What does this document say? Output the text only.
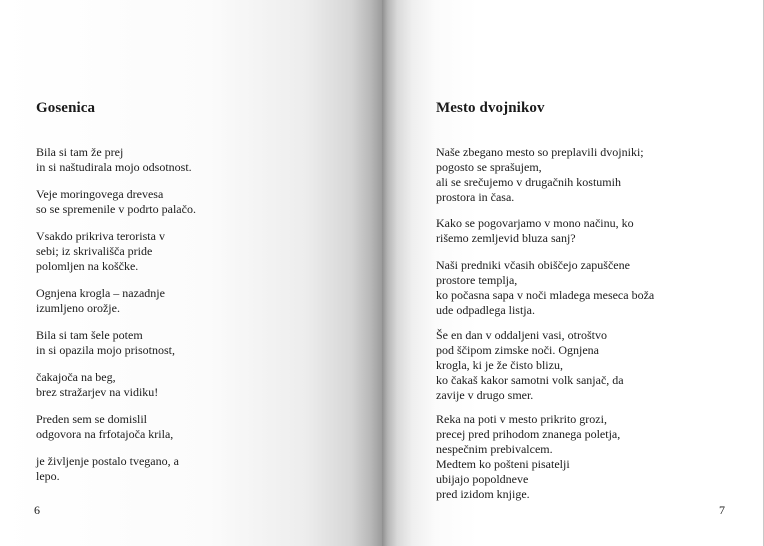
Gosenica
Bila si tam že prej
in si naštudirala mojo odsotnost.
Veje moringovega drevesa
so se spremenile v podrto palačo.
Vsakdo prikriva terorista v
sebi; iz skrivališča pride
polomljen na koščke.
Ognjena krogla – nazadnje
izumljeno orožje.
Bila si tam šele potem
in si opazila mojo prisotnost,
čakajoča na beg,
brez stražarjev na vidiku!
Preden sem se domislil
odgovora na frfotajoča krila,
je življenje postalo tvegano, a
lepo.
6
Mesto dvojnikov
Naše zbegano mesto so preplavili dvojniki;
pogosto se sprašujem,
ali se srečujemo v drugačnih kostumih
prostora in časa.
Kako se pogovarjamo v mono načinu, ko
rišemo zemljevid bluza sanj?
Naši predniki včasih obiščejo zapuščene
prostore templja,
ko počasna sapa v noči mladega meseca boža
ude odpadlega listja.
Še en dan v oddaljeni vasi, otroštvo
pod ščipom zimske noči. Ognjena
krogla, ki je že čisto blizu,
ko čakaš kakor samotni volk sanjač, da
zavije v drugo smer.
Reka na poti v mesto prikrito grozi,
precej pred prihodom znanega poletja,
nespečnim prebivalcem.
Medtem ko pošteni pisatelji
ubijajo popoldneve
pred izidom knjige.
7
